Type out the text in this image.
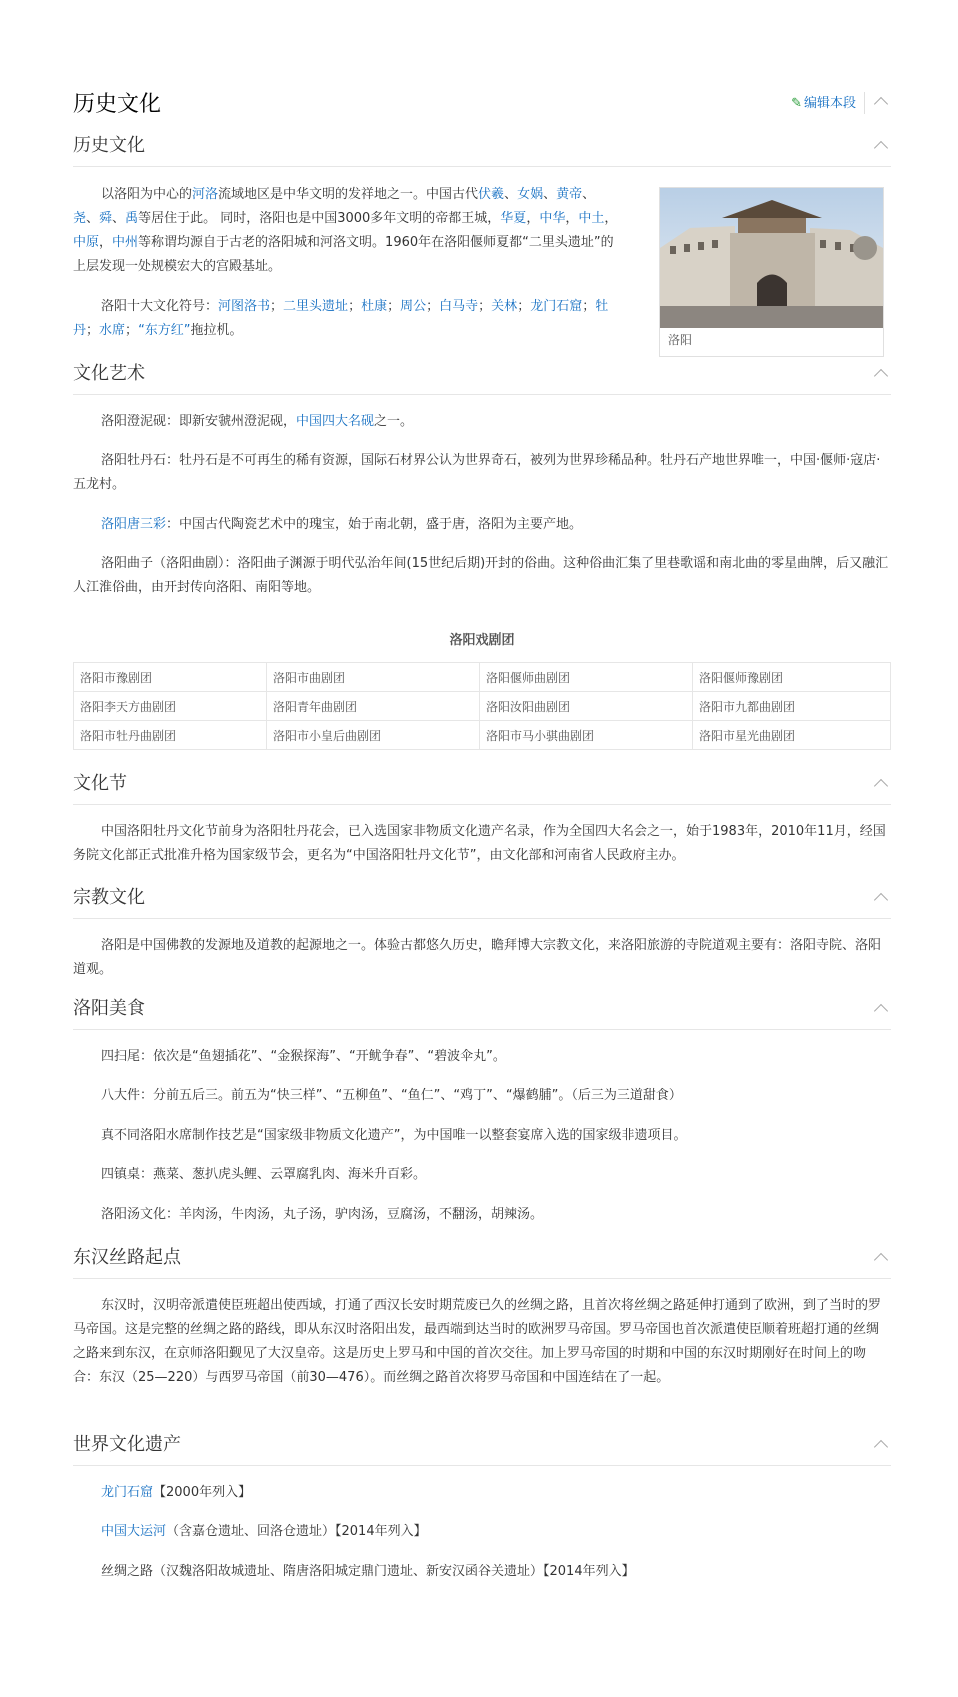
历史文化	✎ 编辑本段
历史文化

以洛阳为中心的河洛流域地区是中华文明的发祥地之一。中国古代伏羲、女娲、黄帝、尧、舜、禹等居住于此。 同时，洛阳也是中国3000多年文明的帝都王城，华夏，中华，中土，中原，中州等称谓均源自于古老的洛阳城和河洛文明。1960年在洛阳偃师夏都“二里头遗址”的上层发现一处规模宏大的宫殿基址。

洛阳十大文化符号：河图洛书；二里头遗址；杜康；周公；白马寺；关林；龙门石窟；牡丹；水席；“东方红”拖拉机。

洛阳
文化艺术

洛阳澄泥砚：即新安虢州澄泥砚，中国四大名砚之一。

洛阳牡丹石：牡丹石是不可再生的稀有资源，国际石材界公认为世界奇石，被列为世界珍稀品种。牡丹石产地世界唯一，中国·偃师·寇店·五龙村。

洛阳唐三彩：中国古代陶瓷艺术中的瑰宝，始于南北朝，盛于唐，洛阳为主要产地。

洛阳曲子（洛阳曲剧）：洛阳曲子渊源于明代弘治年间(15世纪后期)开封的俗曲。这种俗曲汇集了里巷歌谣和南北曲的零星曲牌，后又融汇人江淮俗曲，由开封传向洛阳、南阳等地。

洛阳戏剧团
洛阳市豫剧团	洛阳市曲剧团	洛阳偃师曲剧团	洛阳偃师豫剧团
洛阳李天方曲剧团	洛阳青年曲剧团	洛阳汝阳曲剧团	洛阳市九都曲剧团
洛阳市牡丹曲剧团	洛阳市小皇后曲剧团	洛阳市马小骐曲剧团	洛阳市星光曲剧团
文化节

中国洛阳牡丹文化节前身为洛阳牡丹花会，已入选国家非物质文化遗产名录，作为全国四大名会之一，始于1983年，2010年11月，经国务院文化部正式批准升格为国家级节会，更名为“中国洛阳牡丹文化节”，由文化部和河南省人民政府主办。

宗教文化

洛阳是中国佛教的发源地及道教的起源地之一。体验古都悠久历史，瞻拜博大宗教文化，来洛阳旅游的寺院道观主要有：洛阳寺院、洛阳道观。

洛阳美食

四扫尾：依次是“鱼翅插花”、“金猴探海”、“开鱿争春”、“碧波伞丸”。

八大件：分前五后三。前五为“快三样”、“五柳鱼”、“鱼仁”、“鸡丁”、“爆鹤脯”。（后三为三道甜食）

真不同洛阳水席制作技艺是“国家级非物质文化遗产”，为中国唯一以整套宴席入选的国家级非遗项目。

四镇桌：燕菜、葱扒虎头鲤、云罩腐乳肉、海米升百彩。

洛阳汤文化：羊肉汤，牛肉汤，丸子汤，驴肉汤，豆腐汤，不翻汤，胡辣汤。

东汉丝路起点

东汉时，汉明帝派遣使臣班超出使西域，打通了西汉长安时期荒废已久的丝绸之路，且首次将丝绸之路延伸打通到了欧洲，到了当时的罗马帝国。这是完整的丝绸之路的路线，即从东汉时洛阳出发，最西端到达当时的欧洲罗马帝国。罗马帝国也首次派遣使臣顺着班超打通的丝绸之路来到东汉，在京师洛阳觐见了大汉皇帝。这是历史上罗马和中国的首次交往。加上罗马帝国的时期和中国的东汉时期刚好在时间上的吻合：东汉（25—220）与西罗马帝国（前30—476）。而丝绸之路首次将罗马帝国和中国连结在了一起。

世界文化遗产
龙门石窟【2000年列入】
中国大运河（含嘉仓遗址、回洛仓遗址）【2014年列入】
丝绸之路（汉魏洛阳故城遗址、隋唐洛阳城定鼎门遗址、新安汉函谷关遗址）【2014年列入】
